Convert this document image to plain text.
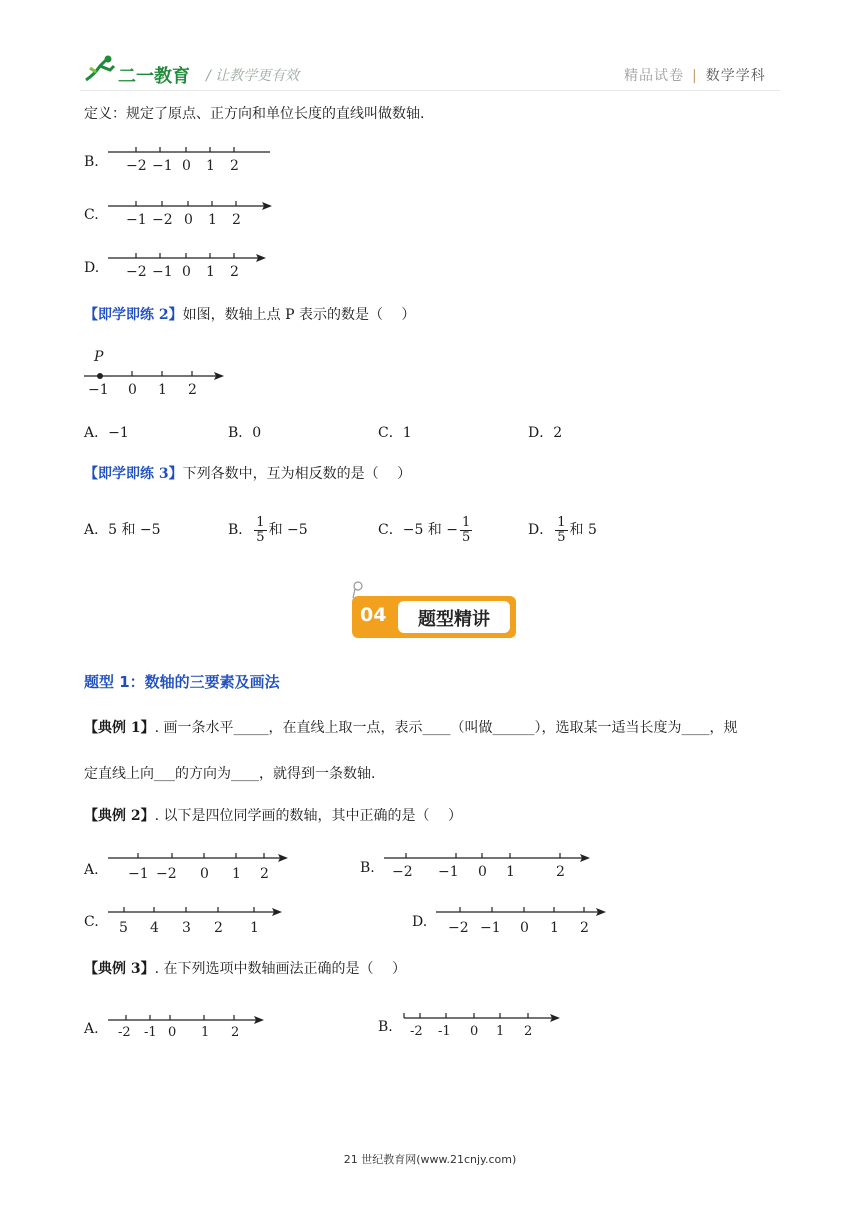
二一教育 / 让教学更有效	精品试卷 | 数学学科
定义：规定了原点、正方向和单位长度的直线叫做数轴.
B. −2 −1 0 1 2
C. −1 −2 0 1 2
D. −2 −1 0 1 2
【即学即练 2】如图，数轴上点 P 表示的数是（　 ）
P
−1 0 1 2
A．−1	B．0	C．1	D．2
【即学即练 3】下列各数中，互为相反数的是（　 ）
A．5 和 −5	B． $\frac{1}{5}$ 和 −5	C．−5 和 − $\frac{1}{5}$	D． $\frac{1}{5}$ 和 5
04	题型精讲
题型 1：数轴的三要素及画法
【典例 1】. 画一条水平_____，在直线上取一点，表示____（叫做______），选取某一适当长度为____，规
定直线上向___的方向为____，就得到一条数轴.
【典例 2】. 以下是四位同学画的数轴，其中正确的是（　 ）
A. −1 −2 0 1 2	B. −2 −1 0 1	2
C. 5 4 3 2 1	D. −2 −1 0 1 2
【典例 3】. 在下列选项中数轴画法正确的是（　 ）
A. -2 -1 0 1 2	B. -2 -1 0 1 2
21 世纪教育网(www.21cnjy.com)
